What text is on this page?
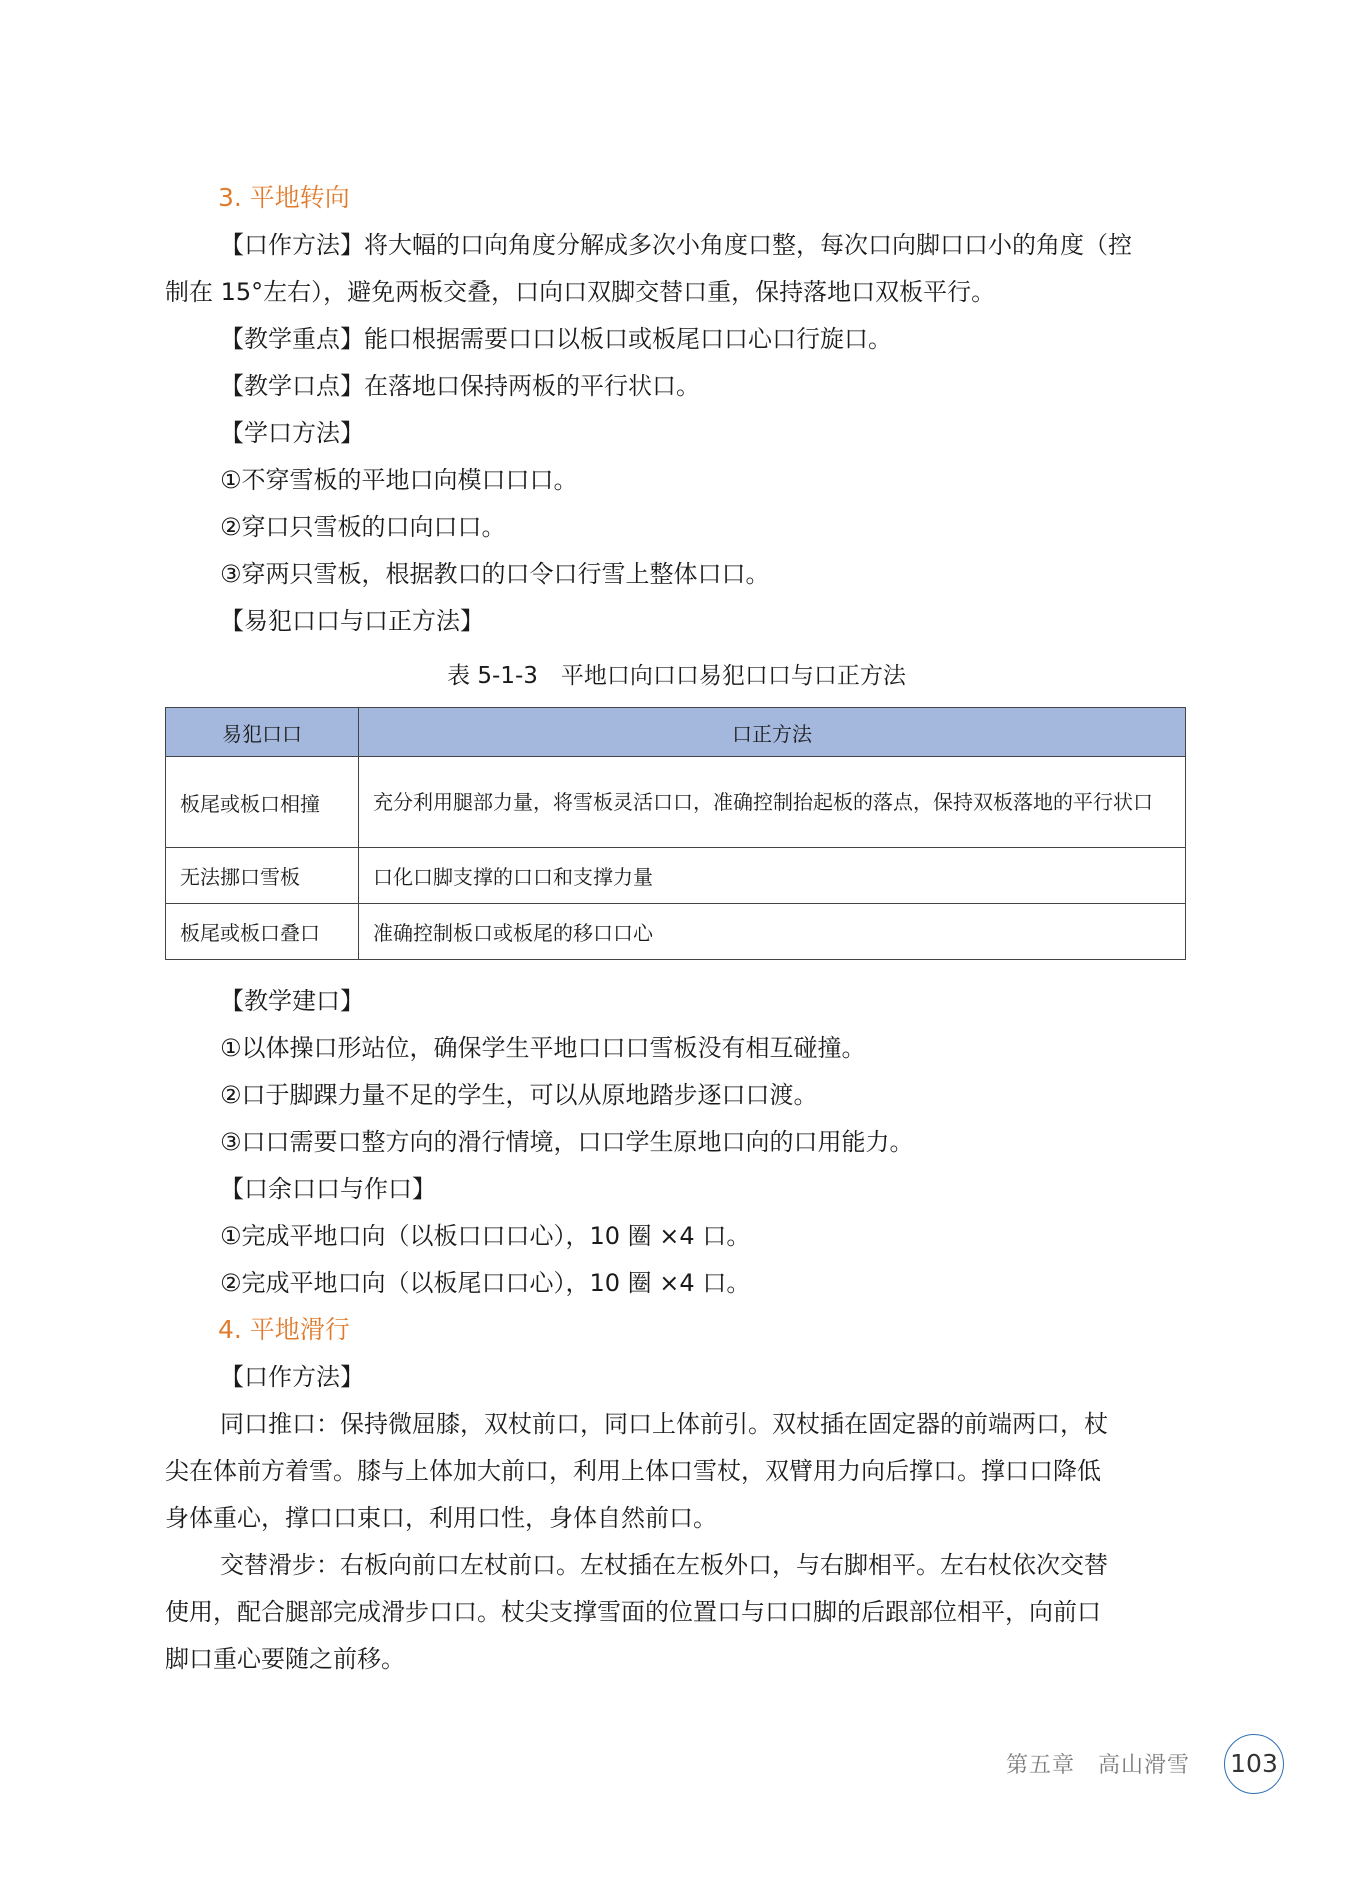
3. 平地转向
【口作方法】将大幅的口向角度分解成多次小角度口整，每次口向脚口口小的角度（控
制在 15°左右），避免两板交叠，口向口双脚交替口重，保持落地口双板平行。
【教学重点】能口根据需要口口以板口或板尾口口心口行旋口。
【教学口点】在落地口保持两板的平行状口。
【学口方法】
①不穿雪板的平地口向模口口口。
②穿口只雪板的口向口口。
③穿两只雪板，根据教口的口令口行雪上整体口口。
【易犯口口与口正方法】
表 5-1-3　平地口向口口易犯口口与口正方法
易犯口口	口正方法
板尾或板口相撞	充分利用腿部力量，将雪板灵活口口，准确控制抬起板的落点，保持双板落地的平行状口
无法挪口雪板	口化口脚支撑的口口和支撑力量
板尾或板口叠口	准确控制板口或板尾的移口口心
【教学建口】
①以体操口形站位，确保学生平地口口口雪板没有相互碰撞。
②口于脚踝力量不足的学生，可以从原地踏步逐口口渡。
③口口需要口整方向的滑行情境，口口学生原地口向的口用能力。
【口余口口与作口】
①完成平地口向（以板口口口心），10 圈 ×4 口。
②完成平地口向（以板尾口口心），10 圈 ×4 口。
4. 平地滑行
【口作方法】
同口推口：保持微屈膝，双杖前口，同口上体前引。双杖插在固定器的前端两口，杖
尖在体前方着雪。膝与上体加大前口，利用上体口雪杖，双臂用力向后撑口。撑口口降低
身体重心，撑口口束口，利用口性，身体自然前口。
交替滑步：右板向前口左杖前口。左杖插在左板外口，与右脚相平。左右杖依次交替
使用，配合腿部完成滑步口口。杖尖支撑雪面的位置口与口口脚的后跟部位相平，向前口
脚口重心要随之前移。
第五章　高山滑雪 103
